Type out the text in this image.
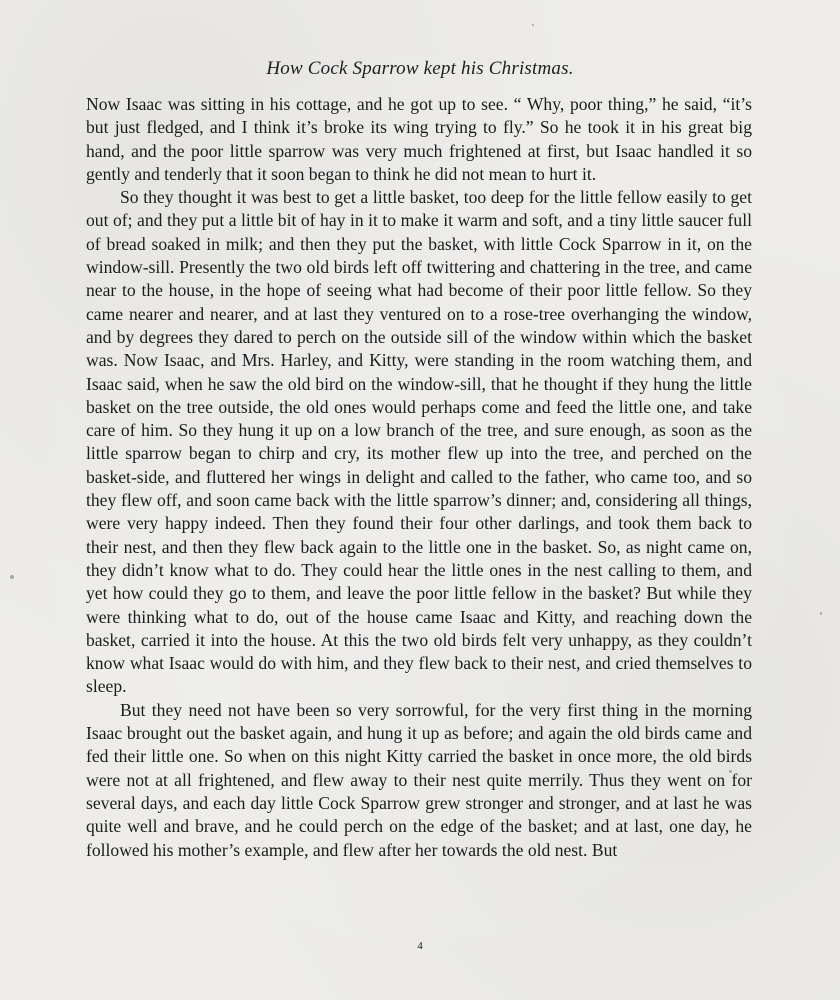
How Cock Sparrow kept his Christmas.

Now Isaac was sitting in his cottage, and he got up to see. “ Why, poor thing,” he said, “it’s but just fledged, and I think it’s broke its wing trying to fly.” So he took it in his great big hand, and the poor little sparrow was very much frightened at first, but Isaac handled it so gently and tenderly that it soon began to think he did not mean to hurt it.

So they thought it was best to get a little basket, too deep for the little fellow easily to get out of; and they put a little bit of hay in it to make it warm and soft, and a tiny little saucer full of bread soaked in milk; and then they put the basket, with little Cock Sparrow in it, on the window-sill. Presently the two old birds left off twittering and chattering in the tree, and came near to the house, in the hope of seeing what had become of their poor little fellow. So they came nearer and nearer, and at last they ventured on to a rose-tree overhanging the window, and by degrees they dared to perch on the outside sill of the window within which the basket was. Now Isaac, and Mrs. Harley, and Kitty, were standing in the room watching them, and Isaac said, when he saw the old bird on the window-sill, that he thought if they hung the little basket on the tree outside, the old ones would perhaps come and feed the little one, and take care of him. So they hung it up on a low branch of the tree, and sure enough, as soon as the little sparrow began to chirp and cry, its mother flew up into the tree, and perched on the basket-side, and fluttered her wings in delight and called to the father, who came too, and so they flew off, and soon came back with the little sparrow’s dinner; and, considering all things, were very happy indeed. Then they found their four other darlings, and took them back to their nest, and then they flew back again to the little one in the basket. So, as night came on, they didn’t know what to do. They could hear the little ones in the nest calling to them, and yet how could they go to them, and leave the poor little fellow in the basket? But while they were thinking what to do, out of the house came Isaac and Kitty, and reaching down the basket, carried it into the house. At this the two old birds felt very unhappy, as they couldn’t know what Isaac would do with him, and they flew back to their nest, and cried themselves to sleep.

But they need not have been so very sorrowful, for the very first thing in the morning Isaac brought out the basket again, and hung it up as before; and again the old birds came and fed their little one. So when on this night Kitty carried the basket in once more, the old birds were not at all frightened, and flew away to their nest quite merrily. Thus they went on for several days, and each day little Cock Sparrow grew stronger and stronger, and at last he was quite well and brave, and he could perch on the edge of the basket; and at last, one day, he followed his mother’s example, and flew after her towards the old nest. But

4
